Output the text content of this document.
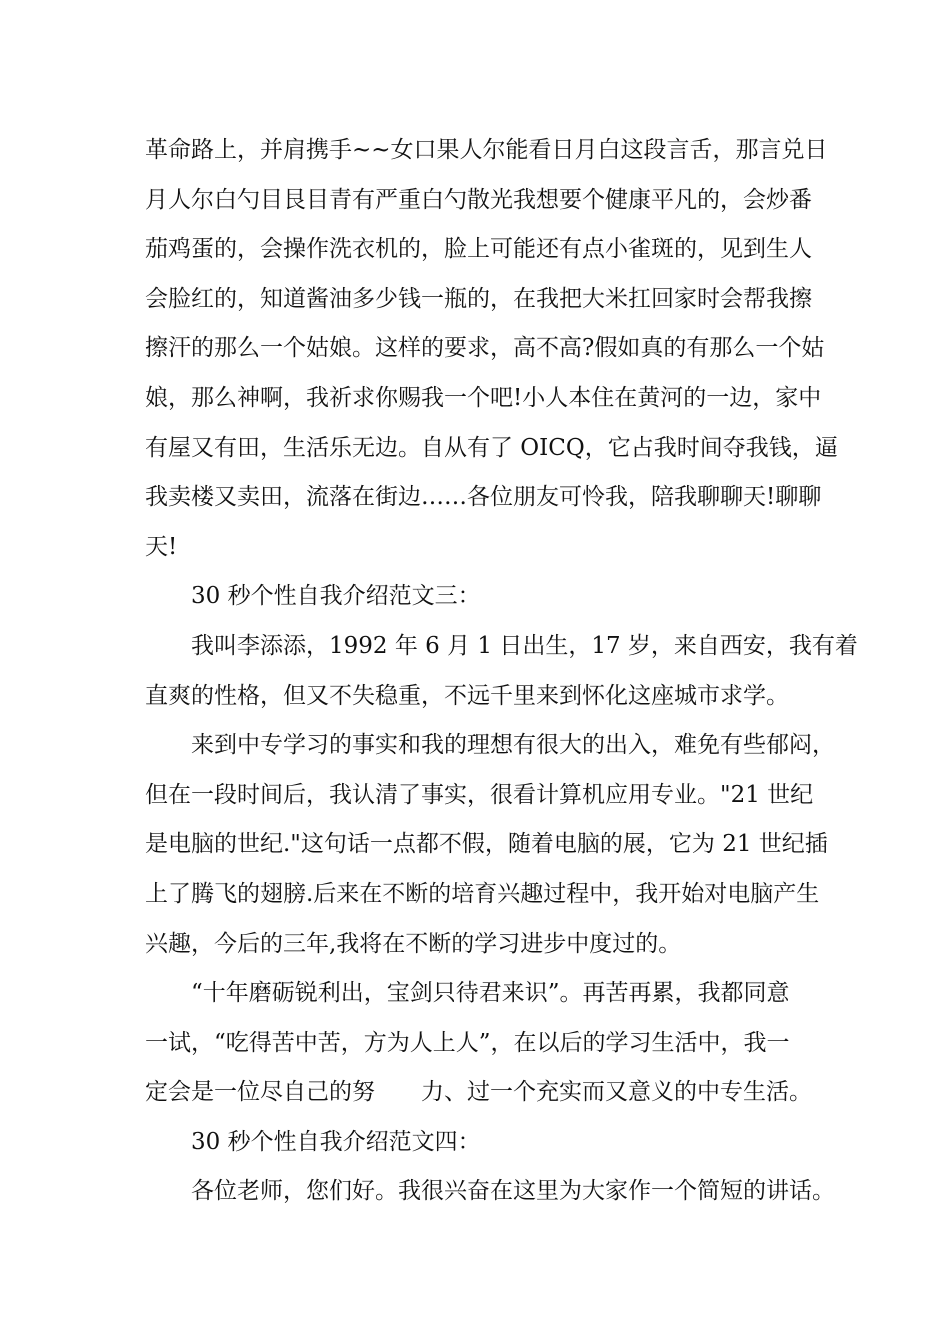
革命路上，并肩携手~~女口果人尔能看日月白这段言舌，那言兑日
月人尔白勺目艮目青有严重白勺散光我想要个健康平凡的，会炒番
茄鸡蛋的，会操作洗衣机的，脸上可能还有点小雀斑的，见到生人
会脸红的，知道酱油多少钱一瓶的，在我把大米扛回家时会帮我擦
擦汗的那么一个姑娘。这样的要求，高不高?假如真的有那么一个姑
娘，那么神啊，我祈求你赐我一个吧!小人本住在黄河的一边，家中
有屋又有田，生活乐无边。自从有了 OICQ，它占我时间夺我钱，逼
我卖楼又卖田，流落在街边……各位朋友可怜我，陪我聊聊天!聊聊
天!
30 秒个性自我介绍范文三：
我叫李添添，1992 年 6 月 1 日出生，17 岁，来自西安，我有着
直爽的性格，但又不失稳重，不远千里来到怀化这座城市求学。
来到中专学习的事实和我的理想有很大的出入，难免有些郁闷，
但在一段时间后，我认清了事实，很看计算机应用专业。"21 世纪
是电脑的世纪."这句话一点都不假，随着电脑的展，它为 21 世纪插
上了腾飞的翅膀.后来在不断的培育兴趣过程中，我开始对电脑产生
兴趣，今后的三年,我将在不断的学习进步中度过的。
“十年磨砺锐利出，宝剑只待君来识”。再苦再累，我都同意
一试，“吃得苦中苦，方为人上人”，在以后的学习生活中，我一
定会是一位尽自己的努　　力、过一个充实而又意义的中专生活。
30 秒个性自我介绍范文四：
各位老师，您们好。我很兴奋在这里为大家作一个简短的讲话。
